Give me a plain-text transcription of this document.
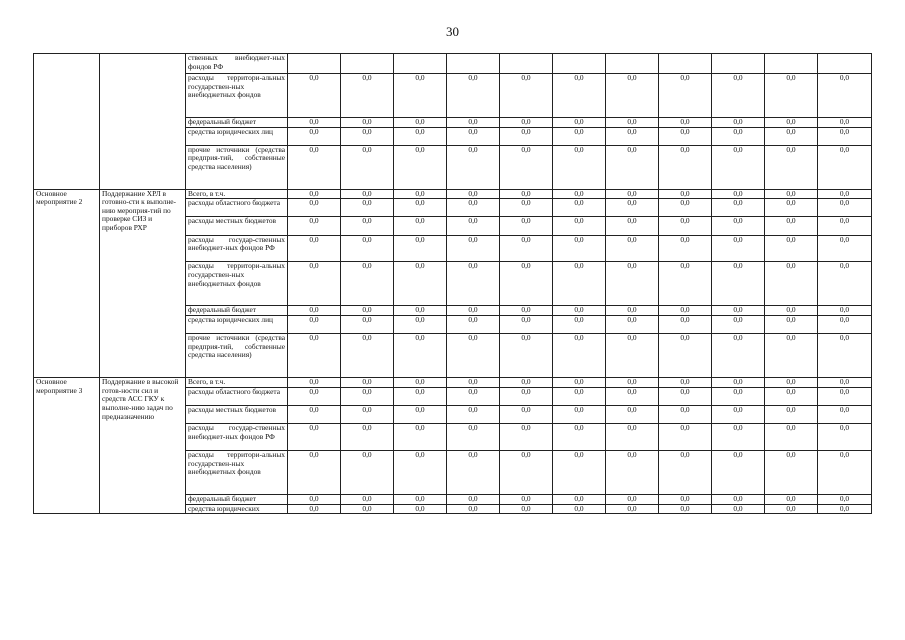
30
		ственных внебюджет-ных фондов РФ											
		расходы территори-альных государствен-ных внебюджетных фондов	0,0	0,0	0,0	0,0	0,0	0,0	0,0	0,0	0,0	0,0	0,0
		федеральный бюджет	0,0	0,0	0,0	0,0	0,0	0,0	0,0	0,0	0,0	0,0	0,0
		средства юридических лиц	0,0	0,0	0,0	0,0	0,0	0,0	0,0	0,0	0,0	0,0	0,0
		прочие источники (средства предприя-тий, собственные средства населения)	0,0	0,0	0,0	0,0	0,0	0,0	0,0	0,0	0,0	0,0	0,0
Основное мероприятие 2	Поддержание ХРЛ в готовно-сти к выполне-нию мероприя-тий по проверке СИЗ и приборов РХР	Всего, в т.ч.	0,0	0,0	0,0	0,0	0,0	0,0	0,0	0,0	0,0	0,0	0,0
		расходы областного бюджета	0,0	0,0	0,0	0,0	0,0	0,0	0,0	0,0	0,0	0,0	0,0
		расходы местных бюджетов	0,0	0,0	0,0	0,0	0,0	0,0	0,0	0,0	0,0	0,0	0,0
		расходы государ-ственных внебюджет-ных фондов РФ	0,0	0,0	0,0	0,0	0,0	0,0	0,0	0,0	0,0	0,0	0,0
		расходы территори-альных государствен-ных внебюджетных фондов	0,0	0,0	0,0	0,0	0,0	0,0	0,0	0,0	0,0	0,0	0,0
		федеральный бюджет	0,0	0,0	0,0	0,0	0,0	0,0	0,0	0,0	0,0	0,0	0,0
		средства юридических лиц	0,0	0,0	0,0	0,0	0,0	0,0	0,0	0,0	0,0	0,0	0,0
		прочие источники (средства предприя-тий, собственные средства населения)	0,0	0,0	0,0	0,0	0,0	0,0	0,0	0,0	0,0	0,0	0,0
Основное мероприятие 3	Поддержание в высокой готов-ности сил и средств АСС ГКУ к выполне-нию задач по предназначению	Всего, в т.ч.	0,0	0,0	0,0	0,0	0,0	0,0	0,0	0,0	0,0	0,0	0,0
		расходы областного бюджета	0,0	0,0	0,0	0,0	0,0	0,0	0,0	0,0	0,0	0,0	0,0
		расходы местных бюджетов	0,0	0,0	0,0	0,0	0,0	0,0	0,0	0,0	0,0	0,0	0,0
		расходы государ-ственных внебюджет-ных фондов РФ	0,0	0,0	0,0	0,0	0,0	0,0	0,0	0,0	0,0	0,0	0,0
		расходы территори-альных государствен-ных внебюджетных фондов	0,0	0,0	0,0	0,0	0,0	0,0	0,0	0,0	0,0	0,0	0,0
		федеральный бюджет	0,0	0,0	0,0	0,0	0,0	0,0	0,0	0,0	0,0	0,0	0,0
		средства юридических	0,0	0,0	0,0	0,0	0,0	0,0	0,0	0,0	0,0	0,0	0,0
